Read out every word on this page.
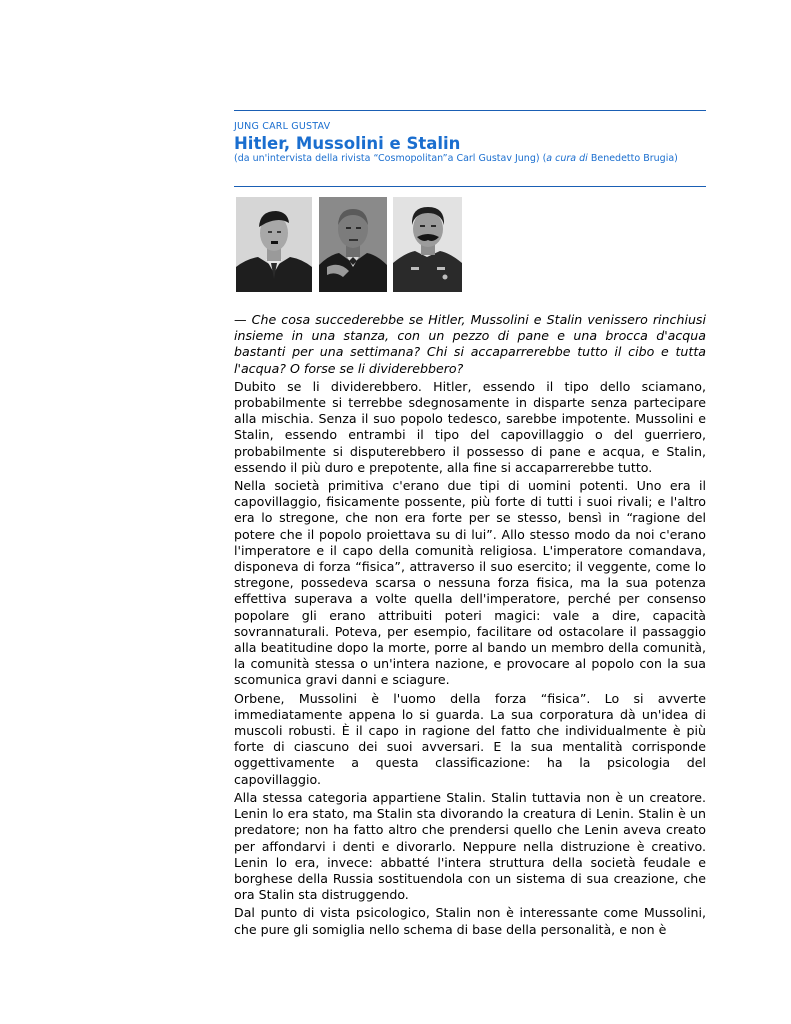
JUNG CARL GUSTAV
Hitler, Mussolini e Stalin
(da un'intervista della rivista “Cosmopolitan”a Carl Gustav Jung) (a cura di Benedetto Brugia)

— Che cosa succederebbe se Hitler, Mussolini e Stalin venissero rinchiusi insieme in una stanza, con un pezzo di pane e una brocca d'acqua bastanti per una settimana? Chi si accaparrerebbe tutto il cibo e tutta l'acqua? O forse se li dividerebbero?

Dubito se li dividerebbero. Hitler, essendo il tipo dello sciamano, probabilmente si terrebbe sdegnosamente in disparte senza partecipare alla mischia. Senza il suo popolo tedesco, sarebbe impotente. Mussolini e Stalin, essendo entrambi il tipo del capovillaggio o del guerriero, probabilmente si disputerebbero il possesso di pane e acqua, e Stalin, essendo il più duro e prepotente, alla fine si accaparrerebbe tutto.

Nella società primitiva c'erano due tipi di uomini potenti. Uno era il capovillaggio, fisicamente possente, più forte di tutti i suoi rivali; e l'altro era lo stregone, che non era forte per se stesso, bensì in “ragione del potere che il popolo proiettava su di lui”. Allo stesso modo da noi c'erano l'imperatore e il capo della comunità religiosa. L'imperatore comandava, disponeva di forza “fisica”, attraverso il suo esercito; il veggente, come lo stregone, possedeva scarsa o nessuna forza fisica, ma la sua potenza effettiva superava a volte quella dell'imperatore, perché per consenso popolare gli erano attribuiti poteri magici: vale a dire, capacità sovrannaturali. Poteva, per esempio, facilitare od ostacolare il passaggio alla beatitudine dopo la morte, porre al bando un membro della comunità, la comunità stessa o un'intera nazione, e provocare al popolo con la sua scomunica gravi danni e sciagure.

Orbene, Mussolini è l'uomo della forza “fisica”. Lo si avverte immediatamente appena lo si guarda. La sua corporatura dà un'idea di muscoli robusti. È il capo in ragione del fatto che individualmente è più forte di ciascuno dei suoi avversari. E la sua mentalità corrisponde oggettivamente a questa classificazione: ha la psicologia del capovillaggio.

Alla stessa categoria appartiene Stalin. Stalin tuttavia non è un creatore. Lenin lo era stato, ma Stalin sta divorando la creatura di Lenin. Stalin è un predatore; non ha fatto altro che prendersi quello che Lenin aveva creato per affondarvi i denti e divorarlo. Neppure nella distruzione è creativo. Lenin lo era, invece: abbatté l'intera struttura della società feudale e borghese della Russia sostituendola con un sistema di sua creazione, che ora Stalin sta distruggendo.

Dal punto di vista psicologico, Stalin non è interessante come Mussolini, che pure gli somiglia nello schema di base della personalità, e non è
